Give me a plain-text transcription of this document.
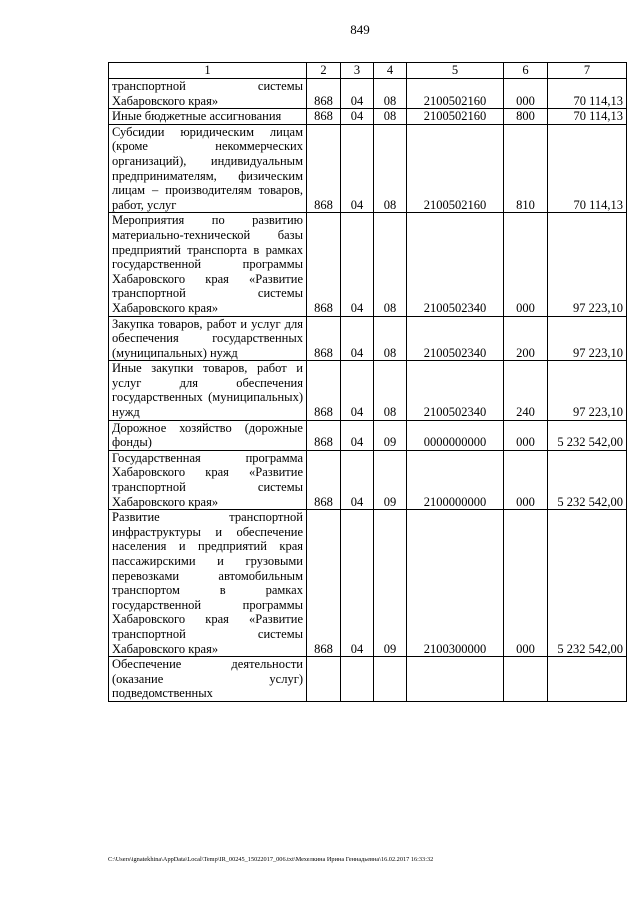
849
1	2	3	4	5	6	7
транспортной системы Хабаровского края»	868	04	08	2100502160	000	70 114,13
Иные бюджетные ассигнования	868	04	08	2100502160	800	70 114,13
Субсидии юридическим лицам (кроме некоммерческих организаций), индивидуальным предпринимателям, физическим лицам – производителям товаров, работ, услуг	868	04	08	2100502160	810	70 114,13
Мероприятия по развитию материально-технической базы предприятий транспорта в рамках государственной программы Хабаровского края «Развитие транспортной системы Хабаровского края»	868	04	08	2100502340	000	97 223,10
Закупка товаров, работ и услуг для обеспечения государственных (муниципальных) нужд	868	04	08	2100502340	200	97 223,10
Иные закупки товаров, работ и услуг для обеспечения государственных (муниципальных) нужд	868	04	08	2100502340	240	97 223,10
Дорожное хозяйство (дорожные фонды)	868	04	09	0000000000	000	5 232 542,00
Государственная программа Хабаровского края «Развитие транспортной системы Хабаровского края»	868	04	09	2100000000	000	5 232 542,00
Развитие транспортной инфраструктуры и обеспечение населения и предприятий края пассажирскими и грузовыми перевозками автомобильным транспортом в рамках государственной программы Хабаровского края «Развитие транспортной системы Хабаровского края»	868	04	09	2100300000	000	5 232 542,00
Обеспечение деятельности (оказание услуг) подведомственных						
C:\Users\ignatekhina\AppData\Local\Temp\IR_00245_15022017_006.txt\Мехелкина Ирина Геннадьевна\16.02.2017 16:33:32
